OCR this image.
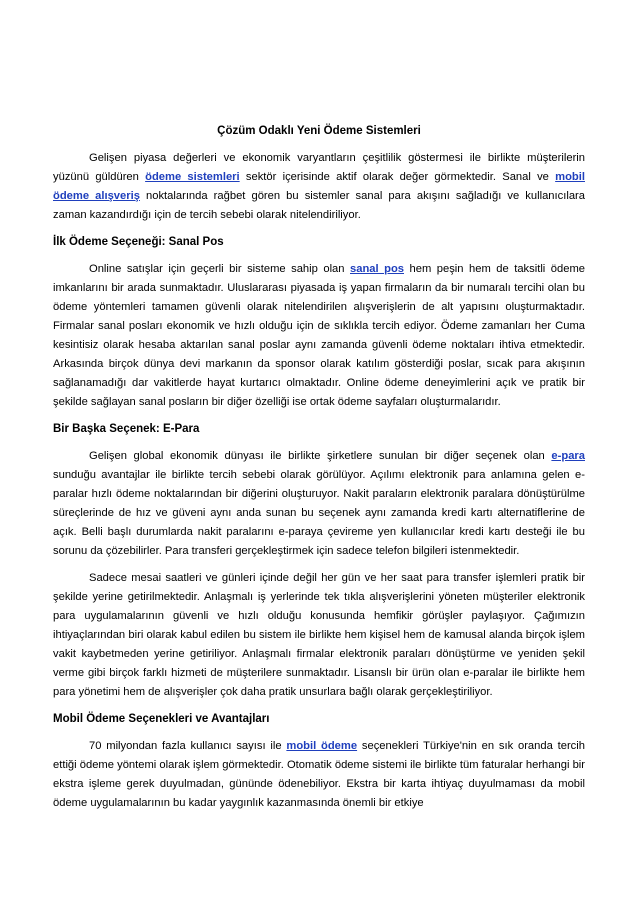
Çözüm Odaklı Yeni Ödeme Sistemleri

Gelişen piyasa değerleri ve ekonomik varyantların çeşitlilik göstermesi ile birlikte müşterilerin yüzünü güldüren ödeme sistemleri sektör içerisinde aktif olarak değer görmektedir. Sanal ve mobil ödeme alışveriş noktalarında rağbet gören bu sistemler sanal para akışını sağladığı ve kullanıcılara zaman kazandırdığı için de tercih sebebi olarak nitelendiriliyor.

İlk Ödeme Seçeneği: Sanal Pos

Online satışlar için geçerli bir sisteme sahip olan sanal pos hem peşin hem de taksitli ödeme imkanlarını bir arada sunmaktadır. Uluslararası piyasada iş yapan firmaların da bir numaralı tercihi olan bu ödeme yöntemleri tamamen güvenli olarak nitelendirilen alışverişlerin de alt yapısını oluşturmaktadır. Firmalar sanal posları ekonomik ve hızlı olduğu için de sıklıkla tercih ediyor. Ödeme zamanları her Cuma kesintisiz olarak hesaba aktarılan sanal poslar aynı zamanda güvenli ödeme noktaları ihtiva etmektedir. Arkasında birçok dünya devi markanın da sponsor olarak katılım gösterdiği poslar, sıcak para akışının sağlanamadığı dar vakitlerde hayat kurtarıcı olmaktadır. Online ödeme deneyimlerini açık ve pratik bir şekilde sağlayan sanal posların bir diğer özelliği ise ortak ödeme sayfaları oluşturmalarıdır.

Bir Başka Seçenek: E-Para

Gelişen global ekonomik dünyası ile birlikte şirketlere sunulan bir diğer seçenek olan e-para sunduğu avantajlar ile birlikte tercih sebebi olarak görülüyor. Açılımı elektronik para anlamına gelen e-paralar hızlı ödeme noktalarından bir diğerini oluşturuyor. Nakit paraların elektronik paralara dönüştürülme süreçlerinde de hız ve güveni aynı anda sunan bu seçenek aynı zamanda kredi kartı alternatiflerine de açık. Belli başlı durumlarda nakit paralarını e-paraya çevireme yen kullanıcılar kredi kartı desteği ile bu sorunu da çözebilirler. Para transferi gerçekleştirmek için sadece telefon bilgileri istenmektedir.

Sadece mesai saatleri ve günleri içinde değil her gün ve her saat para transfer işlemleri pratik bir şekilde yerine getirilmektedir. Anlaşmalı iş yerlerinde tek tıkla alışverişlerini yöneten müşteriler elektronik para uygulamalarının güvenli ve hızlı olduğu konusunda hemfikir görüşler paylaşıyor. Çağımızın ihtiyaçlarından biri olarak kabul edilen bu sistem ile birlikte hem kişisel hem de kamusal alanda birçok işlem vakit kaybetmeden yerine getiriliyor. Anlaşmalı firmalar elektronik paraları dönüştürme ve yeniden şekil verme gibi birçok farklı hizmeti de müşterilere sunmaktadır. Lisanslı bir ürün olan e-paralar ile birlikte hem para yönetimi hem de alışverişler çok daha pratik unsurlara bağlı olarak gerçekleştiriliyor.

Mobil Ödeme Seçenekleri ve Avantajları

70 milyondan fazla kullanıcı sayısı ile mobil ödeme seçenekleri Türkiye'nin en sık oranda tercih ettiği ödeme yöntemi olarak işlem görmektedir. Otomatik ödeme sistemi ile birlikte tüm faturalar herhangi bir ekstra işleme gerek duyulmadan, gününde ödenebiliyor. Ekstra bir karta ihtiyaç duyulmaması da mobil ödeme uygulamalarının bu kadar yaygınlık kazanmasında önemli bir etkiye
